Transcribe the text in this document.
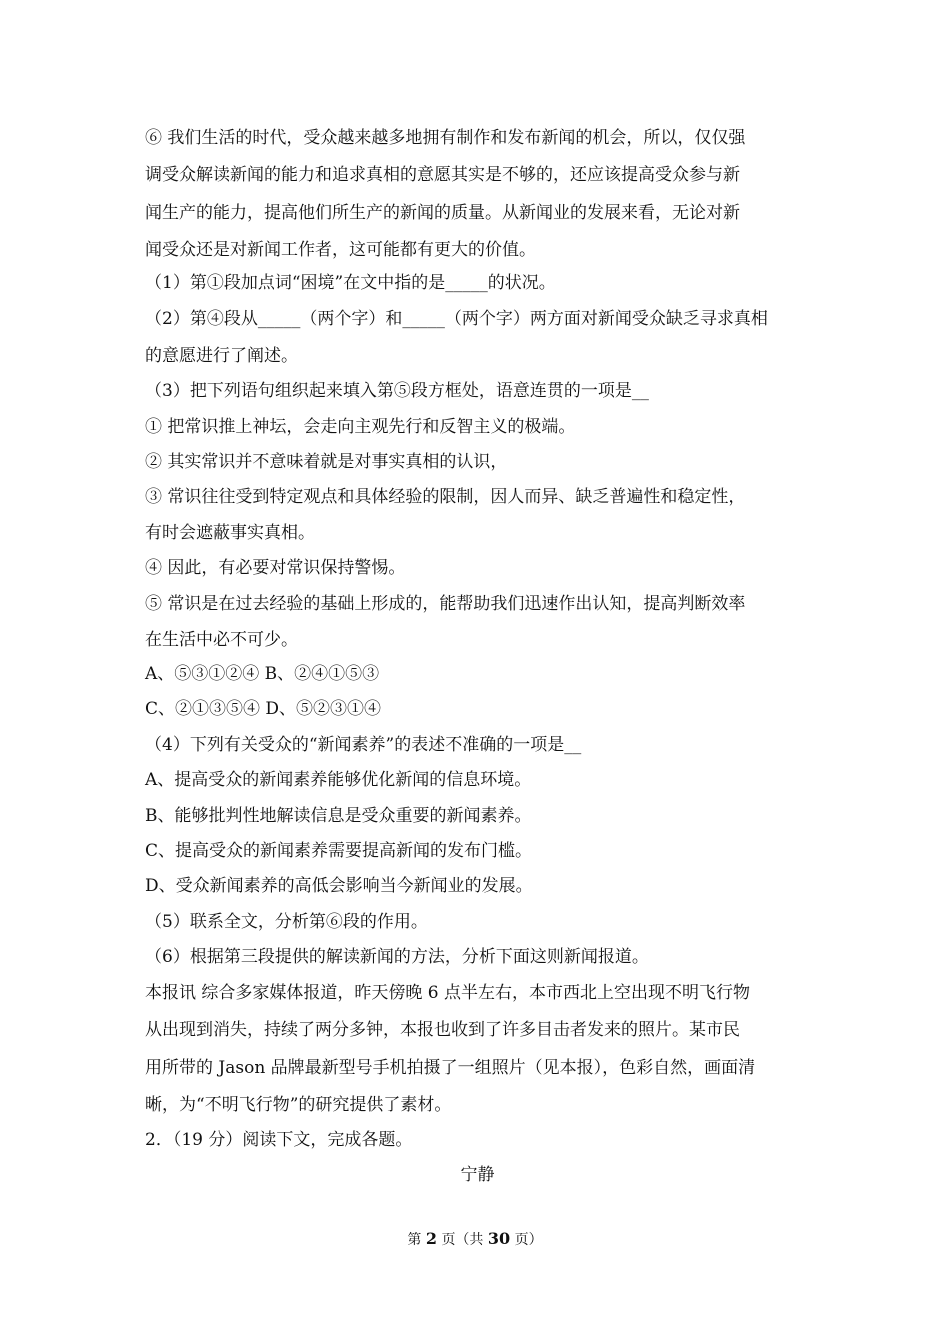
⑥ 我们生活的时代，受众越来越多地拥有制作和发布新闻的机会，所以，仅仅强
调受众解读新闻的能力和追求真相的意愿其实是不够的，还应该提高受众参与新
闻生产的能力，提高他们所生产的新闻的质量。从新闻业的发展来看，无论对新
闻受众还是对新闻工作者，这可能都有更大的价值。
（1）第①段加点词“困境”在文中指的是_____的状况。
（2）第④段从_____（两个字）和_____（两个字）两方面对新闻受众缺乏寻求真相
的意愿进行了阐述。
（3）把下列语句组织起来填入第⑤段方框处，语意连贯的一项是__
① 把常识推上神坛，会走向主观先行和反智主义的极端。
② 其实常识并不意味着就是对事实真相的认识，
③ 常识往往受到特定观点和具体经验的限制，因人而异、缺乏普遍性和稳定性，
有时会遮蔽事实真相。
④ 因此，有必要对常识保持警惕。
⑤ 常识是在过去经验的基础上形成的，能帮助我们迅速作出认知，提高判断效率
在生活中必不可少。
A、⑤③①②④ B、②④①⑤③
C、②①③⑤④ D、⑤②③①④
（4）下列有关受众的“新闻素养”的表述不准确的一项是__
A、提高受众的新闻素养能够优化新闻的信息环境。
B、能够批判性地解读信息是受众重要的新闻素养。
C、提高受众的新闻素养需要提高新闻的发布门槛。
D、受众新闻素养的高低会影响当今新闻业的发展。
（5）联系全文，分析第⑥段的作用。
（6）根据第三段提供的解读新闻的方法，分析下面这则新闻报道。
本报讯 综合多家媒体报道，昨天傍晚 6 点半左右，本市西北上空出现不明飞行物
从出现到消失，持续了两分多钟，本报也收到了许多目击者发来的照片。某市民
用所带的 Jason 品牌最新型号手机拍摄了一组照片（见本报），色彩自然，画面清
晰，为“不明飞行物”的研究提供了素材。
2．（19 分）阅读下文，完成各题。
宁静
第 2 页（共 30 页）
